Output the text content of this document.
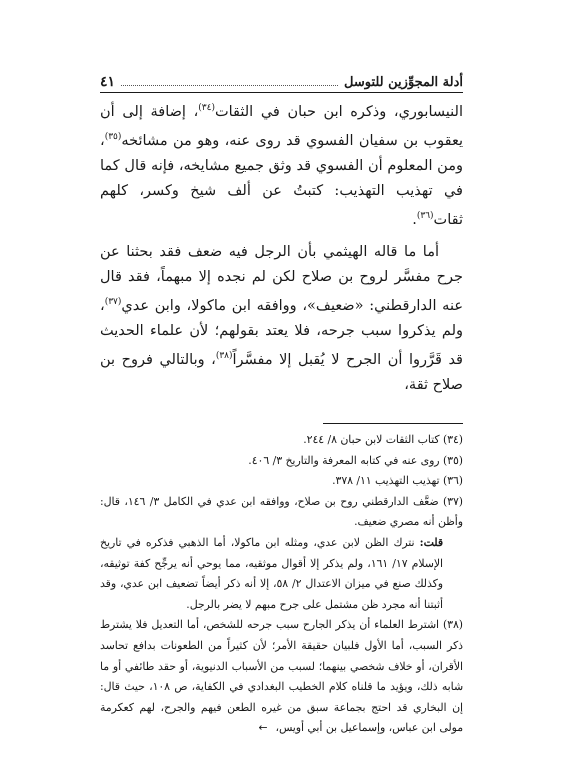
أدلة المجوِّزين للتوسل
٤١

النيسابوري، وذكره ابن حبان في الثقات$^{(٣٤)}$، إضافة إلى أن يعقوب بن سفيان الفسوي قد روى عنه، وهو من مشائخه$^{(٣٥)}$، ومن المعلوم أن الفسوي قد وثق جميع مشايخه، فإنه قال كما في تهذيب التهذيب: كتبتُ عن ألف شيخ وكسر، كلهم ثقات$^{(٣٦)}$.

أما ما قاله الهيثمي بأن الرجل فيه ضعف فقد بحثنا عن جرح مفسَّر لروح بن صلاح لكن لم نجده إلا مبهماً، فقد قال عنه الدارقطني: «ضعيف»، ووافقه ابن ماكولا، وابن عدي$^{(٣٧)}$، ولم يذكروا سبب جرحه، فلا يعتد بقولهم؛ لأن علماء الحديث قد قَرَّروا أن الجرح لا يُقبل إلا مفسَّراً$^{(٣٨)}$، وبالتالي فروح بن صلاح ثقة،

(٣٤) كتاب الثقات لابن حبان ٨/ ٢٤٤.

(٣٥) روى عنه في كتابه المعرفة والتاريخ ٣/ ٤٠٦.

(٣٦) تهذيب التهذيب ١١/ ٣٧٨.

(٣٧) ضعَّف الدارقطني روح بن صلاح، ووافقه ابن عدي في الكامل ٣/ ١٤٦، قال: وأظن أنه مصري ضعيف.

قلت: نترك الظن لابن عدي، ومثله ابن ماكولا، أما الذهبي فذكره في تاريخ الإسلام ١٧/ ١٦١، ولم يذكر إلا أقوال موثقيه، مما يوحي أنه يرجِّح كفة توثيقه، وكذلك صنع في ميزان الاعتدال ٢/ ٥٨، إلا أنه ذكر أيضاً تضعيف ابن عدي، وقد أثبتنا أنه مجرد ظن مشتمل على جرح مبهم لا يضر بالرجل.

(٣٨) اشترط العلماء أن يذكر الجارح سبب جرحه للشخص، أما التعديل فلا يشترط ذكر السبب، أما الأول فلبيان حقيقة الأمر؛ لأن كثيراً من الطعونات بدافع تحاسد الأقران، أو خلاف شخصي بينهما؛ لسبب من الأسباب الدنيوية، أو حقد طائفي أو ما شابه ذلك، ويؤيد ما قلناه كلام الخطيب البغدادي في الكفاية، ص ١٠٨، حيث قال: إن البخاري قد احتج بجماعة سبق من غيره الطعن فيهم والجرح، لهم كعكرمة مولى ابن عباس، وإسماعيل بن أبي أويس،←
